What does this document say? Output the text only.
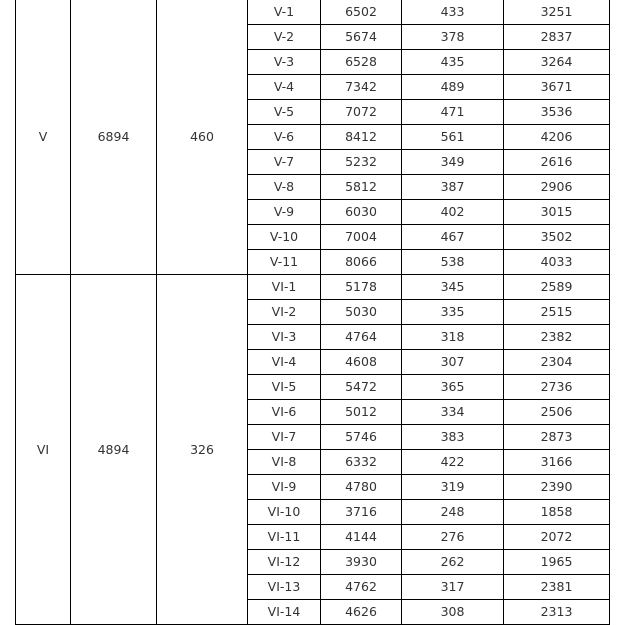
V	6894	460	V-1	6502	433	3251
			V-2	5674	378	2837
			V-3	6528	435	3264
			V-4	7342	489	3671
			V-5	7072	471	3536
			V-6	8412	561	4206
			V-7	5232	349	2616
			V-8	5812	387	2906
			V-9	6030	402	3015
			V-10	7004	467	3502
			V-11	8066	538	4033
VI	4894	326	VI-1	5178	345	2589
			VI-2	5030	335	2515
			VI-3	4764	318	2382
			VI-4	4608	307	2304
			VI-5	5472	365	2736
			VI-6	5012	334	2506
			VI-7	5746	383	2873
			VI-8	6332	422	3166
			VI-9	4780	319	2390
			VI-10	3716	248	1858
			VI-11	4144	276	2072
			VI-12	3930	262	1965
			VI-13	4762	317	2381
			VI-14	4626	308	2313
